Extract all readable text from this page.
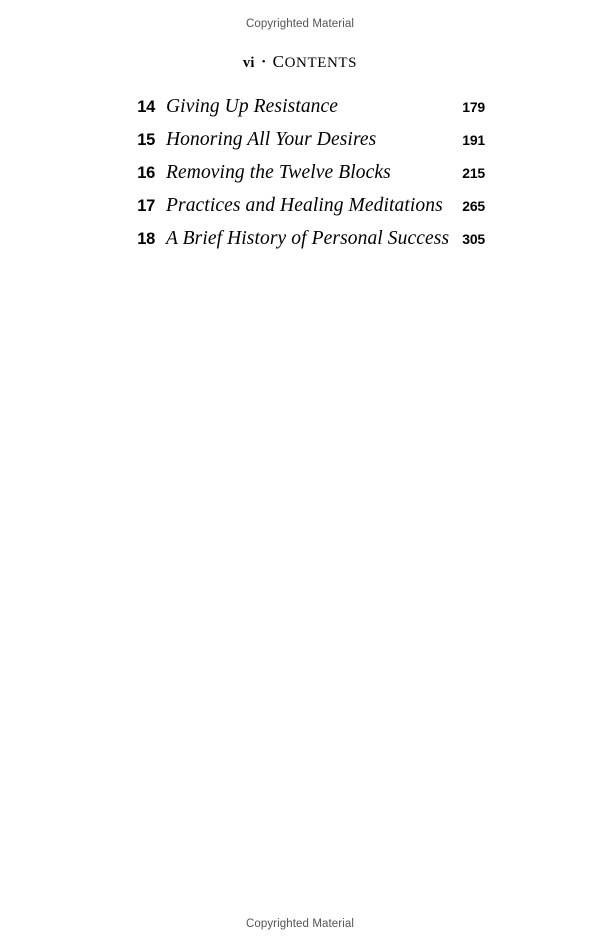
Copyrighted Material
vi • CONTENTS
14 Giving Up Resistance	179
15 Honoring All Your Desires	191
16 Removing the Twelve Blocks	215
17 Practices and Healing Meditations	265
18 A Brief History of Personal Success 305
Copyrighted Material
